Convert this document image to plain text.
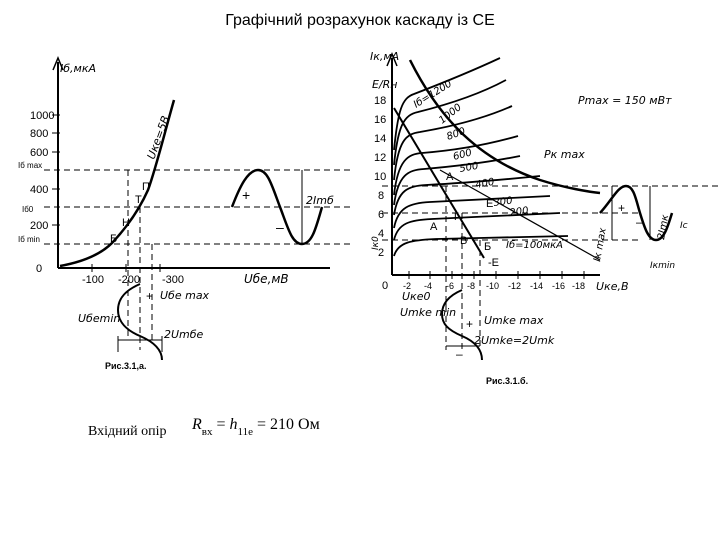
Графічний розрахунок каскаду із СЕ
Іб,мкА
1000
800
600
400
200
Іб max
Іб0
Іб min
0
-100 -200 -300	Uбе,мВ
Uке=5В
П
Т
Н
Б
2Іmб
+
–
Uбеmin
Uбе max
2Umбе
+
Рис.3.1,а.
Ік,мА
Е/Rн
18
16
14
12
10
8
6
4
2
0 -2 -4 -6 -8 -10 -12 -14 -16 -18 Uке,В
Іб=1200
1000
800
600
500
400
300
200
Іб=100мкА
Рк max
Рmax = 150 мВт
А
А
Т
В Б
-E
Е
Ік0
Uке0
2Іmк
Ік max
Ікmin
Іc
+
–
Umke min
Umke max
2Umke=2Umk
+
–
Рис.3.1.б.
Вхідний опір $R_{вх} = h_{11e} = 210$ Ом
